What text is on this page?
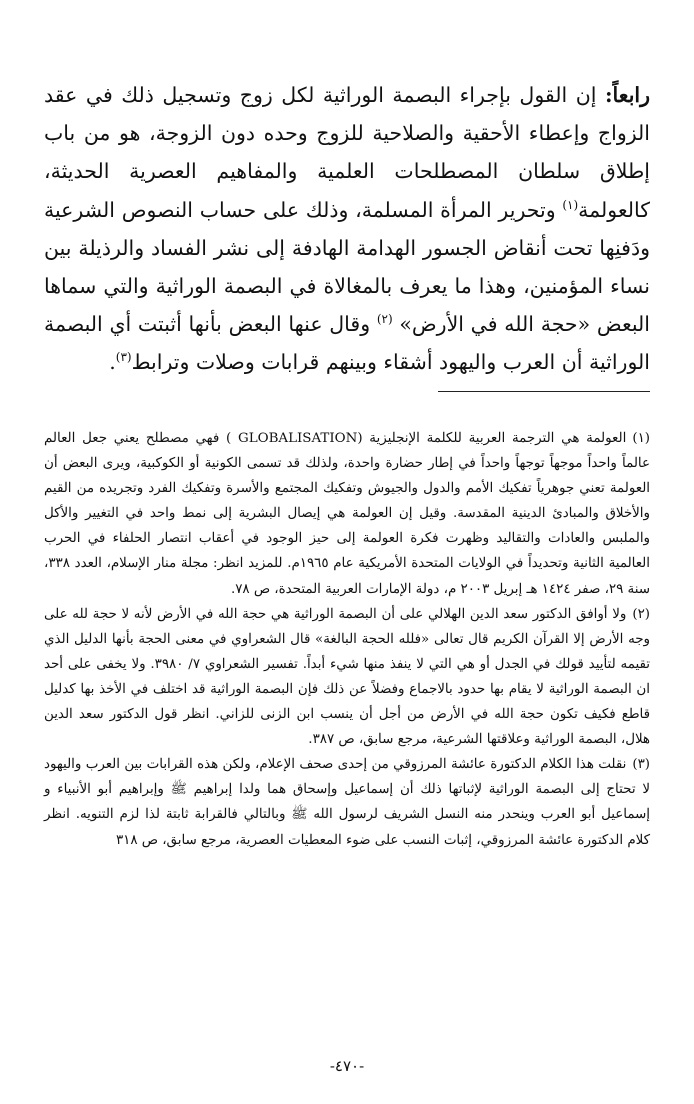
رابعاً: إن القول بإجراء البصمة الوراثية لكل زوج وتسجيل ذلك في عقد الزواج وإعطاء الأحقية والصلاحية للزوج وحده دون الزوجة، هو من باب إطلاق سلطان المصطلحات العلمية والمفاهيم العصرية الحديثة، كالعولمة$^{(١)}$ وتحرير المرأة المسلمة، وذلك على حساب النصوص الشرعية ودَفنِها تحت أنقاض الجسور الهدامة الهادفة إلى نشر الفساد والرذيلة بين نساء المؤمنين، وهذا ما يعرف بالمغالاة في البصمة الوراثية والتي سماها البعض «حجة الله في الأرض» $^{(٢)}$ وقال عنها البعض بأنها أثبتت أي البصمة الوراثية أن العرب واليهود أشقاء وبينهم قرابات وصلات وترابط$^{(٣)}$.

(١)العولمة هي الترجمة العربية للكلمة الإنجليزية (GLOBALISATION ) فهي مصطلح يعني جعل العالم عالماً واحداً موجهاً توجهاً واحداً في إطار حضارة واحدة، ولذلك قد تسمى الكونية أو الكوكبية، ويرى البعض أن العولمة تعني جوهرياً تفكيك الأمم والدول والجيوش وتفكيك المجتمع والأسرة وتفكيك الفرد وتجريده من القيم والأخلاق والمبادئ الدينية المقدسة. وقيل إن العولمة هي إيصال البشرية إلى نمط واحد في التغيير والأكل والملبس والعادات والتقاليد وظهرت فكرة العولمة إلى حيز الوجود في أعقاب انتصار الحلفاء في الحرب العالمية الثانية وتحديداً في الولايات المتحدة الأمريكية عام ١٩٦٥م. للمزيد انظر: مجلة منار الإسلام، العدد ٣٣٨، سنة ٢٩، صفر ١٤٢٤ هـ إبريل ٢٠٠٣ م، دولة الإمارات العربية المتحدة، ص ٧٨.

(٢)ولا أوافق الدكتور سعد الدين الهلالي على أن البصمة الوراثية هي حجة الله في الأرض لأنه لا حجة لله على وجه الأرض إلا القرآن الكريم قال تعالى «فلله الحجة البالغة» قال الشعراوي في معنى الحجة بأنها الدليل الذي تقيمه لتأييد قولك في الجدل أو هي التي لا ينفذ منها شيء أبداً. تفسير الشعراوي ٧/ ٣٩٨٠. ولا يخفى على أحد ان البصمة الوراثية لا يقام بها حدود بالاجماع وفضلاً عن ذلك فإن البصمة الوراثية قد اختلف في الأخذ بها كدليل قاطع فكيف تكون حجة الله في الأرض من أجل أن ينسب ابن الزنى للزاني. انظر قول الدكتور سعد الدين هلال، البصمة الوراثية وعلاقتها الشرعية، مرجع سابق، ص ٣٨٧.

(٣)نقلت هذا الكلام الدكتورة عائشة المرزوقي من إحدى صحف الإعلام، ولكن هذه القرابات بين العرب واليهود لا تحتاج إلى البصمة الوراثية لإثباتها ذلك أن إسماعيل وإسحاق هما ولدا إبراهيم ﷺ وإبراهيم أبو الأنبياء و إسماعيل أبو العرب وينحدر منه النسل الشريف لرسول الله ﷺ وبالتالي فالقرابة ثابتة لذا لزم التنويه. انظر كلام الدكتورة عائشة المرزوقي، إثبات النسب على ضوء المعطيات العصرية، مرجع سابق، ص ٣١٨

-٤٧٠-
